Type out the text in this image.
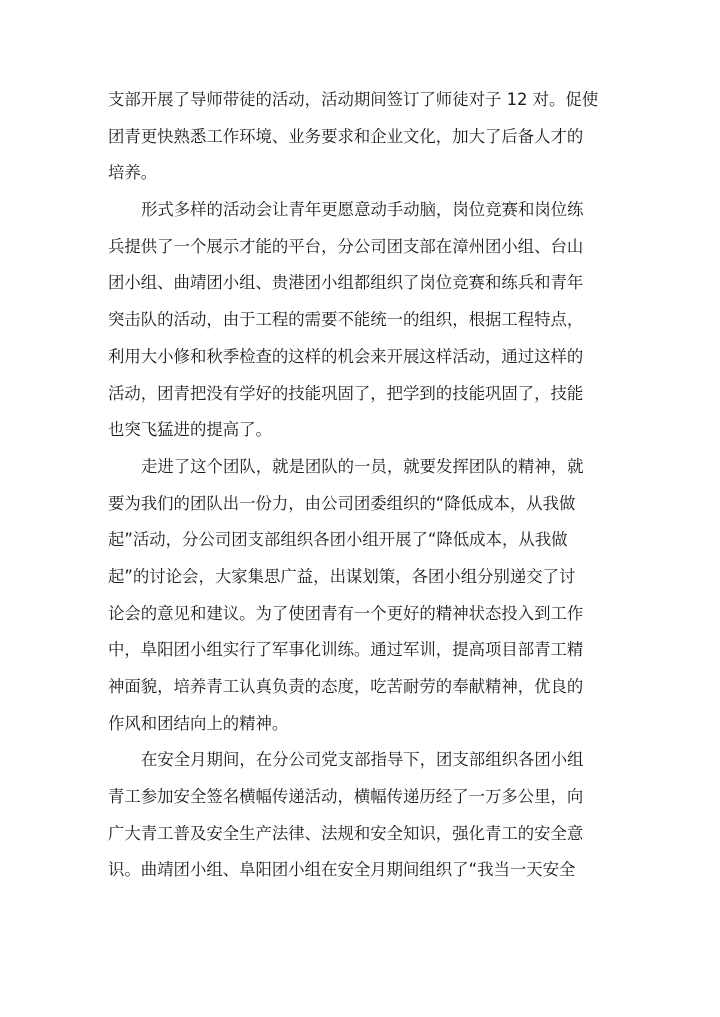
支部开展了导师带徒的活动，活动期间签订了师徒对子 12 对。促使
团青更快熟悉工作环境、业务要求和企业文化，加大了后备人才的
培养。
形式多样的活动会让青年更愿意动手动脑，岗位竞赛和岗位练
兵提供了一个展示才能的平台，分公司团支部在漳州团小组、台山
团小组、曲靖团小组、贵港团小组都组织了岗位竞赛和练兵和青年
突击队的活动，由于工程的需要不能统一的组织，根据工程特点，
利用大小修和秋季检查的这样的机会来开展这样活动，通过这样的
活动，团青把没有学好的技能巩固了，把学到的技能巩固了，技能
也突飞猛进的提高了。
走进了这个团队，就是团队的一员，就要发挥团队的精神，就
要为我们的团队出一份力，由公司团委组织的“降低成本，从我做
起”活动，分公司团支部组织各团小组开展了“降低成本，从我做
起”的讨论会，大家集思广益，出谋划策，各团小组分别递交了讨
论会的意见和建议。为了使团青有一个更好的精神状态投入到工作
中，阜阳团小组实行了军事化训练。通过军训，提高项目部青工精
神面貌，培养青工认真负责的态度，吃苦耐劳的奉献精神，优良的
作风和团结向上的精神。
在安全月期间，在分公司党支部指导下，团支部组织各团小组
青工参加安全签名横幅传递活动，横幅传递历经了一万多公里，向
广大青工普及安全生产法律、法规和安全知识，强化青工的安全意
识。曲靖团小组、阜阳团小组在安全月期间组织了“我当一天安全
